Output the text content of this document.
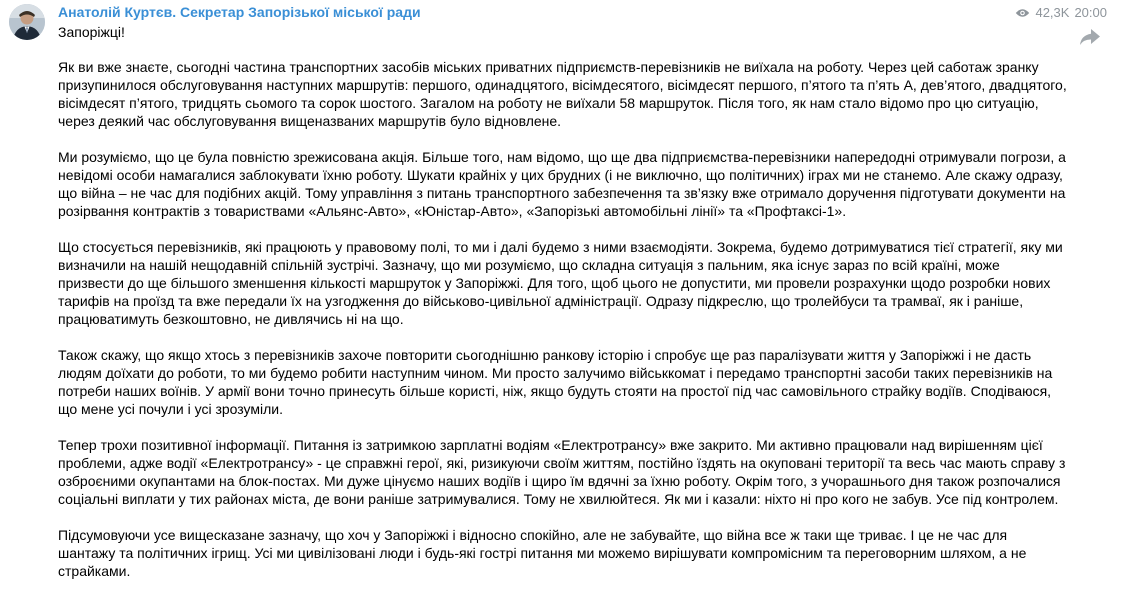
Анатолій Куртєв. Секретар Запорізької міської ради	42,3K 20:00
Запоріжці!

Як ви вже знаєте, сьогодні частина транспортних засобів міських приватних підприємств-перевізників не виїхала на роботу. Через цей саботаж зранку призупинилося обслуговування наступних маршрутів: першого, одинадцятого, вісімдесятого, вісімдесят першого, п’ятого та п’ять А, дев’ятого, двадцятого, вісімдесят п’ятого, тридцять сьомого та сорок шостого. Загалом на роботу не виїхали 58 маршруток. Після того, як нам стало відомо про цю ситуацію, через деякий час обслуговування вищеназваних маршрутів було відновлене.

Ми розуміємо, що це була повністю зрежисована акція. Більше того, нам відомо, що ще два підприємства-перевізники напередодні отримували погрози, а невідомі особи намагалися заблокувати їхню роботу. Шукати крайніх у цих брудних (і не виключно, що політичних) іграх ми не станемо. Але скажу одразу, що війна – не час для подібних акцій. Тому управління з питань транспортного забезпечення та зв’язку вже отримало доручення підготувати документи на розірвання контрактів з товариствами «Альянс-Авто», «Юністар-Авто», «Запорізькі автомобільні лінії» та «Профтаксі-1».

Що стосується перевізників, які працюють у правовому полі, то ми і далі будемо з ними взаємодіяти. Зокрема, будемо дотримуватися тієї стратегії, яку ми визначили на нашій нещодавній спільній зустрічі. Зазначу, що ми розуміємо, що складна ситуація з пальним, яка існує зараз по всій країні, може призвести до ще більшого зменшення кількості маршруток у Запоріжжі. Для того, щоб цього не допустити, ми провели розрахунки щодо розробки нових тарифів на проїзд та вже передали їх на узгодження до військово-цивільної адміністрації. Одразу підкреслю, що тролейбуси та трамваї, як і раніше, працюватимуть безкоштовно, не дивлячись ні на що.

Також скажу, що якщо хтось з перевізників захоче повторити сьогоднішню ранкову історію і спробує ще раз паралізувати життя у Запоріжжі і не дасть людям доїхати до роботи, то ми будемо робити наступним чином. Ми просто залучимо військкомат і передамо транспортні засоби таких перевізників на потреби наших воїнів. У армії вони точно принесуть більше користі, ніж, якщо будуть стояти на простої під час самовільного страйку водіїв. Сподіваюся, що мене усі почули і усі зрозуміли.

Тепер трохи позитивної інформації. Питання із затримкою зарплатні водіям «Електротрансу» вже закрито. Ми активно працювали над вирішенням цієї проблеми, адже водії «Електротрансу» - це справжні герої, які, ризикуючи своїм життям, постійно їздять на окуповані території та весь час мають справу з озброєними окупантами на блок-постах. Ми дуже цінуємо наших водіїв і щиро їм вдячні за їхню роботу. Окрім того, з учорашнього дня також розпочалися соціальні виплати у тих районах міста, де вони раніше затримувалися. Тому не хвилюйтеся. Як ми і казали: ніхто ні про кого не забув. Усе під контролем.

Підсумовуючи усе вищесказане зазначу, що хоч у Запоріжжі і відносно спокійно, але не забувайте, що війна все ж таки ще триває. І це не час для шантажу та політичних ігрищ. Усі ми цивілізовані люди і будь-які гострі питання ми можемо вирішувати компромісним та переговорним шляхом, а не страйками.
